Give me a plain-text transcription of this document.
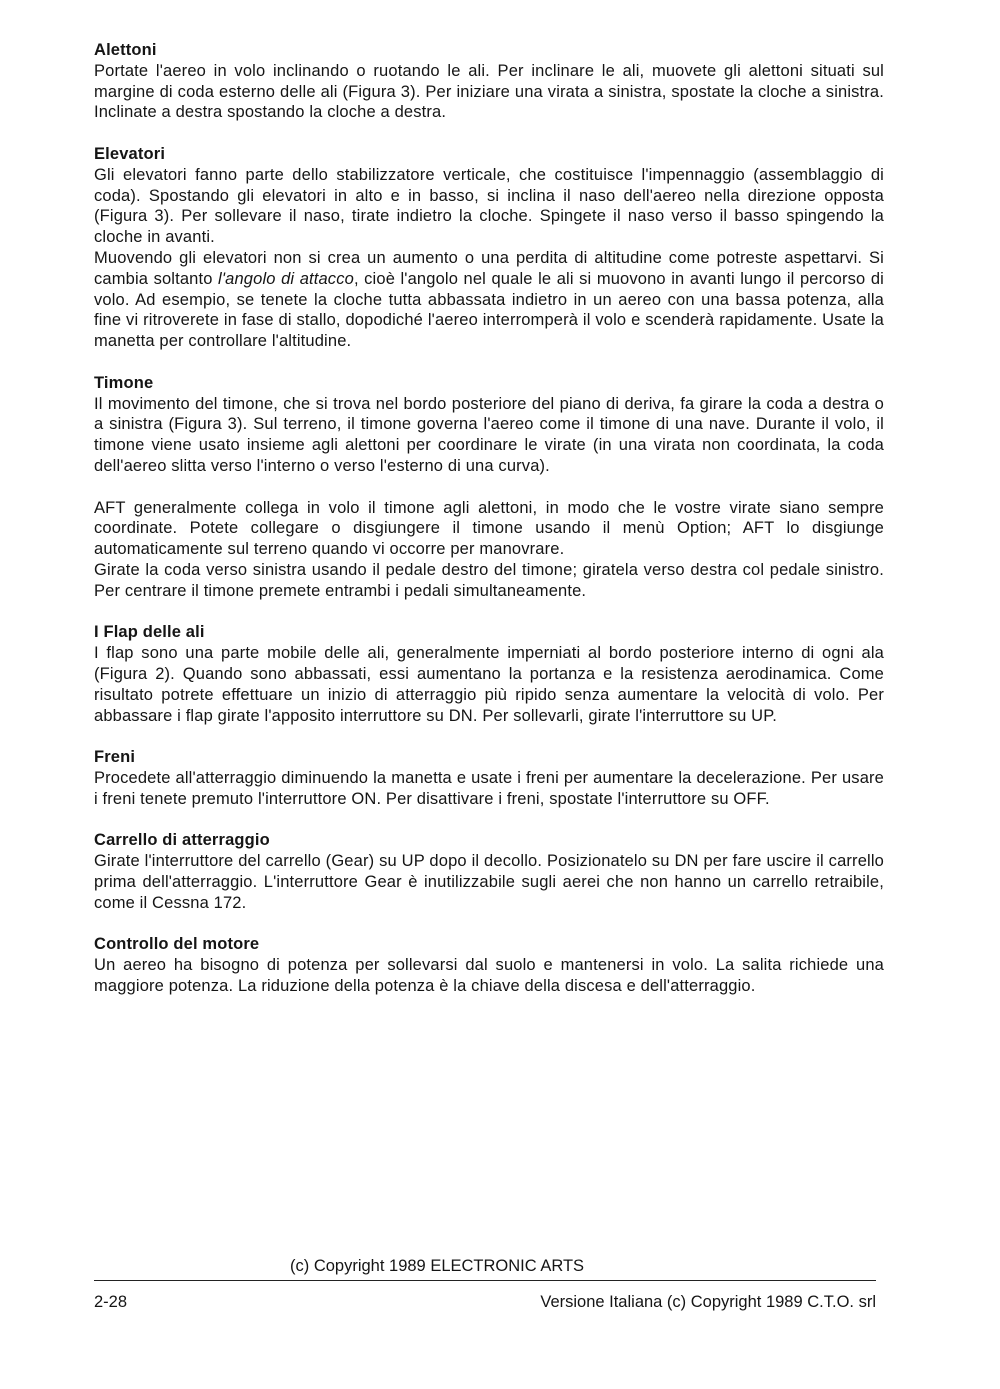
Alettoni

Portate l'aereo in volo inclinando o ruotando le ali. Per inclinare le ali, muovete gli alettoni situati sul margine di coda esterno delle ali (Figura 3). Per iniziare una virata a sinistra, spostate la cloche a sinistra. Inclinate a destra spostando la cloche a destra.

Elevatori

Gli elevatori fanno parte dello stabilizzatore verticale, che costituisce l'impennaggio (assemblaggio di coda). Spostando gli elevatori in alto e in basso, si inclina il naso dell'aereo nella direzione opposta (Figura 3). Per sollevare il naso, tirate indietro la cloche. Spingete il naso verso il basso spingendo la cloche in avanti.

Muovendo gli elevatori non si crea un aumento o una perdita di altitudine come potreste aspettarvi. Si cambia soltanto l'angolo di attacco, cioè l'angolo nel quale le ali si muovono in avanti lungo il percorso di volo. Ad esempio, se tenete la cloche tutta abbassata indietro in un aereo con una bassa potenza, alla fine vi ritroverete in fase di stallo, dopodiché l'aereo interromperà il volo e scenderà rapidamente. Usate la manetta per controllare l'altitudine.

Timone

Il movimento del timone, che si trova nel bordo posteriore del piano di deriva, fa girare la coda a destra o a sinistra (Figura 3). Sul terreno, il timone governa l'aereo come il timone di una nave. Durante il volo, il timone viene usato insieme agli alettoni per coordinare le virate (in una virata non coordinata, la coda dell'aereo slitta verso l'interno o verso l'esterno di una curva).

AFT generalmente collega in volo il timone agli alettoni, in modo che le vostre virate siano sempre coordinate. Potete collegare o disgiungere il timone usando il menù Option; AFT lo disgiunge automaticamente sul terreno quando vi occorre per manovrare.

Girate la coda verso sinistra usando il pedale destro del timone; giratela verso destra col pedale sinistro. Per centrare il timone premete entrambi i pedali simultaneamente.

I Flap delle ali

I flap sono una parte mobile delle ali, generalmente imperniati al bordo posteriore interno di ogni ala (Figura 2). Quando sono abbassati, essi aumentano la portanza e la resistenza aerodinamica. Come risultato potrete effettuare un inizio di atterraggio più ripido senza aumentare la velocità di volo. Per abbassare i flap girate l'apposito interruttore su DN. Per sollevarli, girate l'interruttore su UP.

Freni

Procedete all'atterraggio diminuendo la manetta e usate i freni per aumentare la decelerazione. Per usare i freni tenete premuto l'interruttore ON. Per disattivare i freni, spostate l'interruttore su OFF.

Carrello di atterraggio

Girate l'interruttore del carrello (Gear) su UP dopo il decollo. Posizionatelo su DN per fare uscire il carrello prima dell'atterraggio. L'interruttore Gear è inutilizzabile sugli aerei che non hanno un carrello retraibile, come il Cessna 172.

Controllo del motore

Un aereo ha bisogno di potenza per sollevarsi dal suolo e mantenersi in volo. La salita richiede una maggiore potenza. La riduzione della potenza è la chiave della discesa e dell'atterraggio.

(c) Copyright 1989 ELECTRONIC ARTS
2-28	Versione Italiana (c) Copyright 1989 C.T.O. srl
